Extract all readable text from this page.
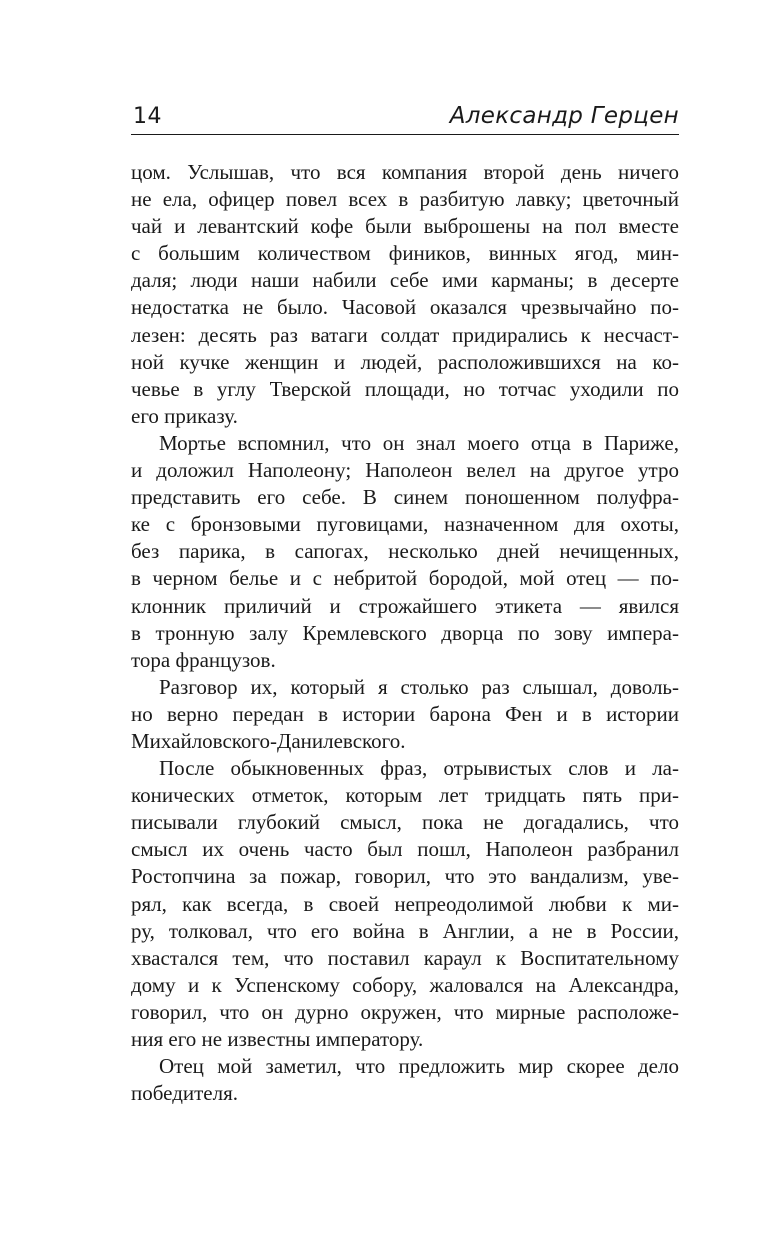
14	Александр Герцен
цом. Услышав, что вся компания второй день ничего
не ела, офицер повел всех в разбитую лавку; цветочный
чай и левантский кофе были выброшены на пол вместе
с большим количеством фиников, винных ягод, мин-
даля; люди наши набили себе ими карманы; в десерте
недостатка не было. Часовой оказался чрезвычайно по-
лезен: десять раз ватаги солдат придирались к несчаст-
ной кучке женщин и людей, расположившихся на ко-
чевье в углу Тверской площади, но тотчас уходили по
его приказу.
Мортье вспомнил, что он знал моего отца в Париже,
и доложил Наполеону; Наполеон велел на другое утро
представить его себе. В синем поношенном полуфра-
ке с бронзовыми пуговицами, назначенном для охоты,
без парика, в сапогах, несколько дней нечищенных,
в черном белье и с небритой бородой, мой отец — по-
клонник приличий и строжайшего этикета — явился
в тронную залу Кремлевского дворца по зову импера-
тора французов.
Разговор их, который я столько раз слышал, доволь-
но верно передан в истории барона Фен и в истории
Михайловского-Данилевского.
После обыкновенных фраз, отрывистых слов и ла-
конических отметок, которым лет тридцать пять при-
писывали глубокий смысл, пока не догадались, что
смысл их очень часто был пошл, Наполеон разбранил
Ростопчина за пожар, говорил, что это вандализм, уве-
рял, как всегда, в своей непреодолимой любви к ми-
ру, толковал, что его война в Англии, а не в России,
хвастался тем, что поставил караул к Воспитательному
дому и к Успенскому собору, жаловался на Александра,
говорил, что он дурно окружен, что мирные расположе-
ния его не известны императору.
Отец мой заметил, что предложить мир скорее дело
победителя.
